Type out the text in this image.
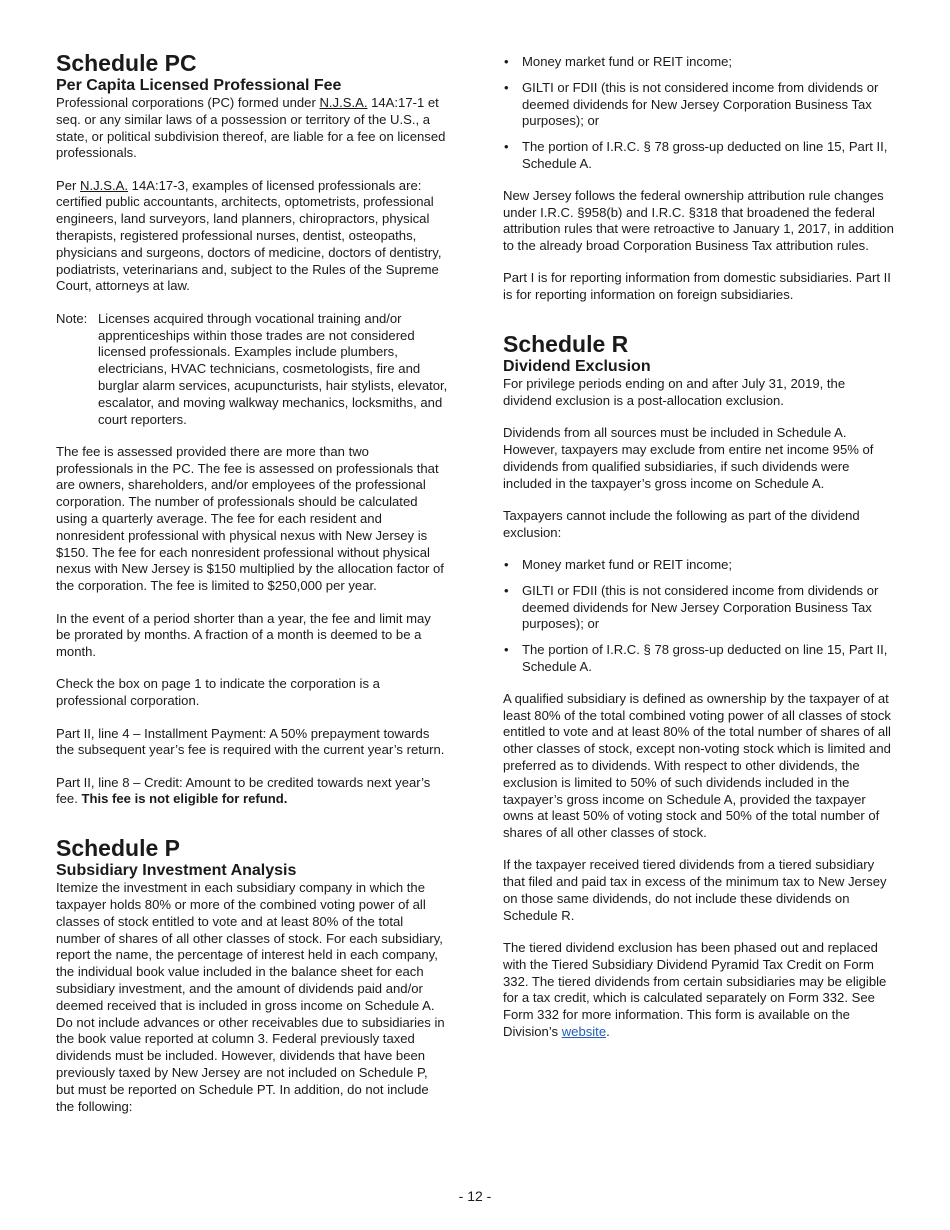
Schedule PC
Per Capita Licensed Professional Fee

Professional corporations (PC) formed under N.J.S.A. 14A:17-1 et seq. or any similar laws of a possession or territory of the U.S., a state, or political subdivision thereof, are liable for a fee on licensed professionals.

Per N.J.S.A. 14A:17-3, examples of licensed professionals are: certified public accountants, architects, optometrists, professional engineers, land surveyors, land planners, chiropractors, physical therapists, registered professional nurses, dentist, osteopaths, physicians and surgeons, doctors of medicine, doctors of dentistry, podiatrists, veterinarians and, subject to the Rules of the Supreme Court, attorneys at law.

Note: Licenses acquired through vocational training and/or apprenticeships within those trades are not considered licensed professionals. Examples include plumbers, electricians, HVAC technicians, cosmetologists, fire and burglar alarm services, acupuncturists, hair stylists, elevator, escalator, and moving walkway mechanics, locksmiths, and court reporters.

The fee is assessed provided there are more than two professionals in the PC. The fee is assessed on professionals that are owners, shareholders, and/or employees of the professional corporation. The number of professionals should be calculated using a quarterly average. The fee for each resident and nonresident professional with physical nexus with New Jersey is $150. The fee for each nonresident professional without physical nexus with New Jersey is $150 multiplied by the allocation factor of the corporation. The fee is limited to $250,000 per year.

In the event of a period shorter than a year, the fee and limit may be prorated by months. A fraction of a month is deemed to be a month.

Check the box on page 1 to indicate the corporation is a professional corporation.

Part II, line 4 – Installment Payment: A 50% prepayment towards the subsequent year’s fee is required with the current year’s return.

Part II, line 8 – Credit: Amount to be credited towards next year’s fee. This fee is not eligible for refund.

Schedule P
Subsidiary Investment Analysis

Itemize the investment in each subsidiary company in which the taxpayer holds 80% or more of the combined voting power of all classes of stock entitled to vote and at least 80% of the total number of shares of all other classes of stock. For each subsidiary, report the name, the percentage of interest held in each company, the individual book value included in the balance sheet for each subsidiary investment, and the amount of dividends paid and/or deemed received that is included in gross income on Schedule A. Do not include advances or other receivables due to subsidiaries in the book value reported at column 3. Federal previously taxed dividends must be included. However, dividends that have been previously taxed by New Jersey are not included on Schedule P, but must be reported on Schedule PT. In addition, do not include the following:

• Money market fund or REIT income;
• GILTI or FDII (this is not considered income from dividends or deemed dividends for New Jersey Corporation Business Tax purposes); or
• The portion of I.R.C. § 78 gross-up deducted on line 15, Part II, Schedule A.

New Jersey follows the federal ownership attribution rule changes under I.R.C. §958(b) and I.R.C. §318 that broadened the federal attribution rules that were retroactive to January 1, 2017, in addition to the already broad Corporation Business Tax attribution rules.

Part I is for reporting information from domestic subsidiaries. Part II is for reporting information on foreign subsidiaries.

Schedule R
Dividend Exclusion

For privilege periods ending on and after July 31, 2019, the dividend exclusion is a post-allocation exclusion.

Dividends from all sources must be included in Schedule A. However, taxpayers may exclude from entire net income 95% of dividends from qualified subsidiaries, if such dividends were included in the taxpayer’s gross income on Schedule A.

Taxpayers cannot include the following as part of the dividend exclusion:

• Money market fund or REIT income;
• GILTI or FDII (this is not considered income from dividends or deemed dividends for New Jersey Corporation Business Tax purposes); or
• The portion of I.R.C. § 78 gross-up deducted on line 15, Part II, Schedule A.

A qualified subsidiary is defined as ownership by the taxpayer of at least 80% of the total combined voting power of all classes of stock entitled to vote and at least 80% of the total number of shares of all other classes of stock, except non-voting stock which is limited and preferred as to dividends. With respect to other dividends, the exclusion is limited to 50% of such dividends included in the taxpayer’s gross income on Schedule A, provided the taxpayer owns at least 50% of voting stock and 50% of the total number of shares of all other classes of stock.

If the taxpayer received tiered dividends from a tiered subsidiary that filed and paid tax in excess of the minimum tax to New Jersey on those same dividends, do not include these dividends on Schedule R.

The tiered dividend exclusion has been phased out and replaced with the Tiered Subsidiary Dividend Pyramid Tax Credit on Form 332. The tiered dividends from certain subsidiaries may be eligible for a tax credit, which is calculated separately on Form 332. See Form 332 for more information. This form is available on the Division’s website.

- 12 -
